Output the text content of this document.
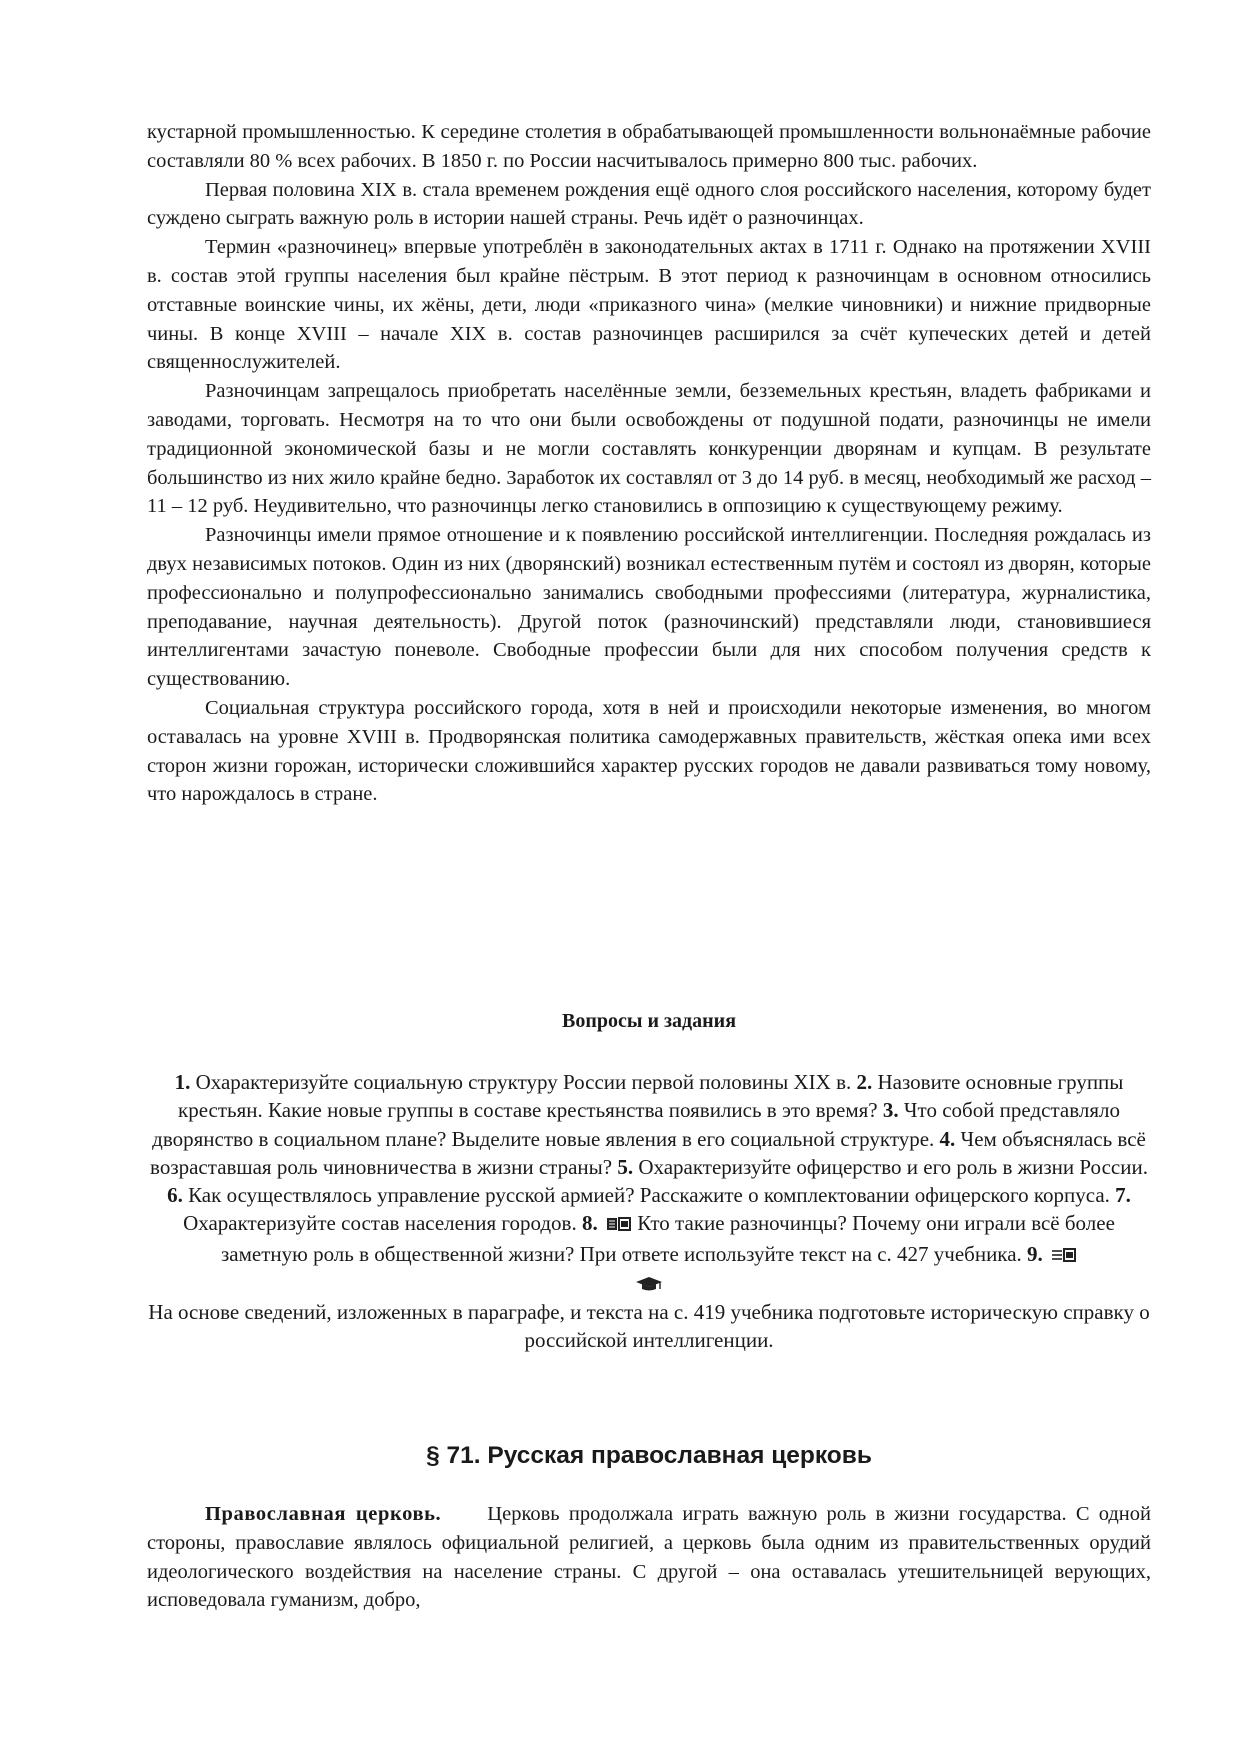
кустарной промышленностью. К середине столетия в обрабатывающей промышленности вольнонаёмные рабочие составляли 80 % всех рабочих. В 1850 г. по России насчитывалось примерно 800 тыс. рабочих.

Первая половина XIX в. стала временем рождения ещё одного слоя российского населения, которому будет суждено сыграть важную роль в истории нашей страны. Речь идёт о разночинцах.

Термин «разночинец» впервые употреблён в законодательных актах в 1711 г. Однако на протяжении XVIII в. состав этой группы населения был крайне пёстрым. В этот период к разночинцам в основном относились отставные воинские чины, их жёны, дети, люди «приказного чина» (мелкие чиновники) и нижние придворные чины. В конце XVIII – начале XIX в. состав разночинцев расширился за счёт купеческих детей и детей священнослужителей.

Разночинцам запрещалось приобретать населённые земли, безземельных крестьян, владеть фабриками и заводами, торговать. Несмотря на то что они были освобождены от подушной подати, разночинцы не имели традиционной экономической базы и не могли составлять конкуренции дворянам и купцам. В результате большинство из них жило крайне бедно. Заработок их составлял от 3 до 14 руб. в месяц, необходимый же расход – 11 – 12 руб. Неудивительно, что разночинцы легко становились в оппозицию к существующему режиму.

Разночинцы имели прямое отношение и к появлению российской интеллигенции. Последняя рождалась из двух независимых потоков. Один из них (дворянский) возникал естественным путём и состоял из дворян, которые профессионально и полупрофессионально занимались свободными профессиями (литература, журналистика, преподавание, научная деятельность). Другой поток (разночинский) представляли люди, становившиеся интеллигентами зачастую поневоле. Свободные профессии были для них способом получения средств к существованию.

Социальная структура российского города, хотя в ней и происходили некоторые изменения, во многом оставалась на уровне XVIII в. Продворянская политика самодержавных правительств, жёсткая опека ими всех сторон жизни горожан, исторически сложившийся характер русских городов не давали развиваться тому новому, что нарождалось в стране.

Вопросы и задания
1. Охарактеризуйте социальную структуру России первой половины XIX в. 2. Назовите основные группы крестьян. Какие новые группы в составе крестьянства появились в это время? 3. Что собой представляло дворянство в социальном плане? Выделите новые явления в его социальной структуре. 4. Чем объяснялась всё возраставшая роль чиновничества в жизни страны? 5. Охарактеризуйте офицерство и его роль в жизни России. 6. Как осуществлялось управление русской армией? Расскажите о комплектовании офицерского корпуса. 7. Охарактеризуйте состав населения городов. 8. Кто такие разночинцы? Почему они играли всё более заметную роль в общественной жизни? При ответе используйте текст на с. 427 учебника. 9.
На основе сведений, изложенных в параграфе, и текста на с. 419 учебника подготовьте историческую справку о российской интеллигенции.
§ 71. Русская православная церковь

Православная церковь. Церковь продолжала играть важную роль в жизни государства. С одной стороны, православие являлось официальной религией, а церковь была одним из правительственных орудий идеологического воздействия на население страны. С другой – она оставалась утешительницей верующих, исповедовала гуманизм, добро,
